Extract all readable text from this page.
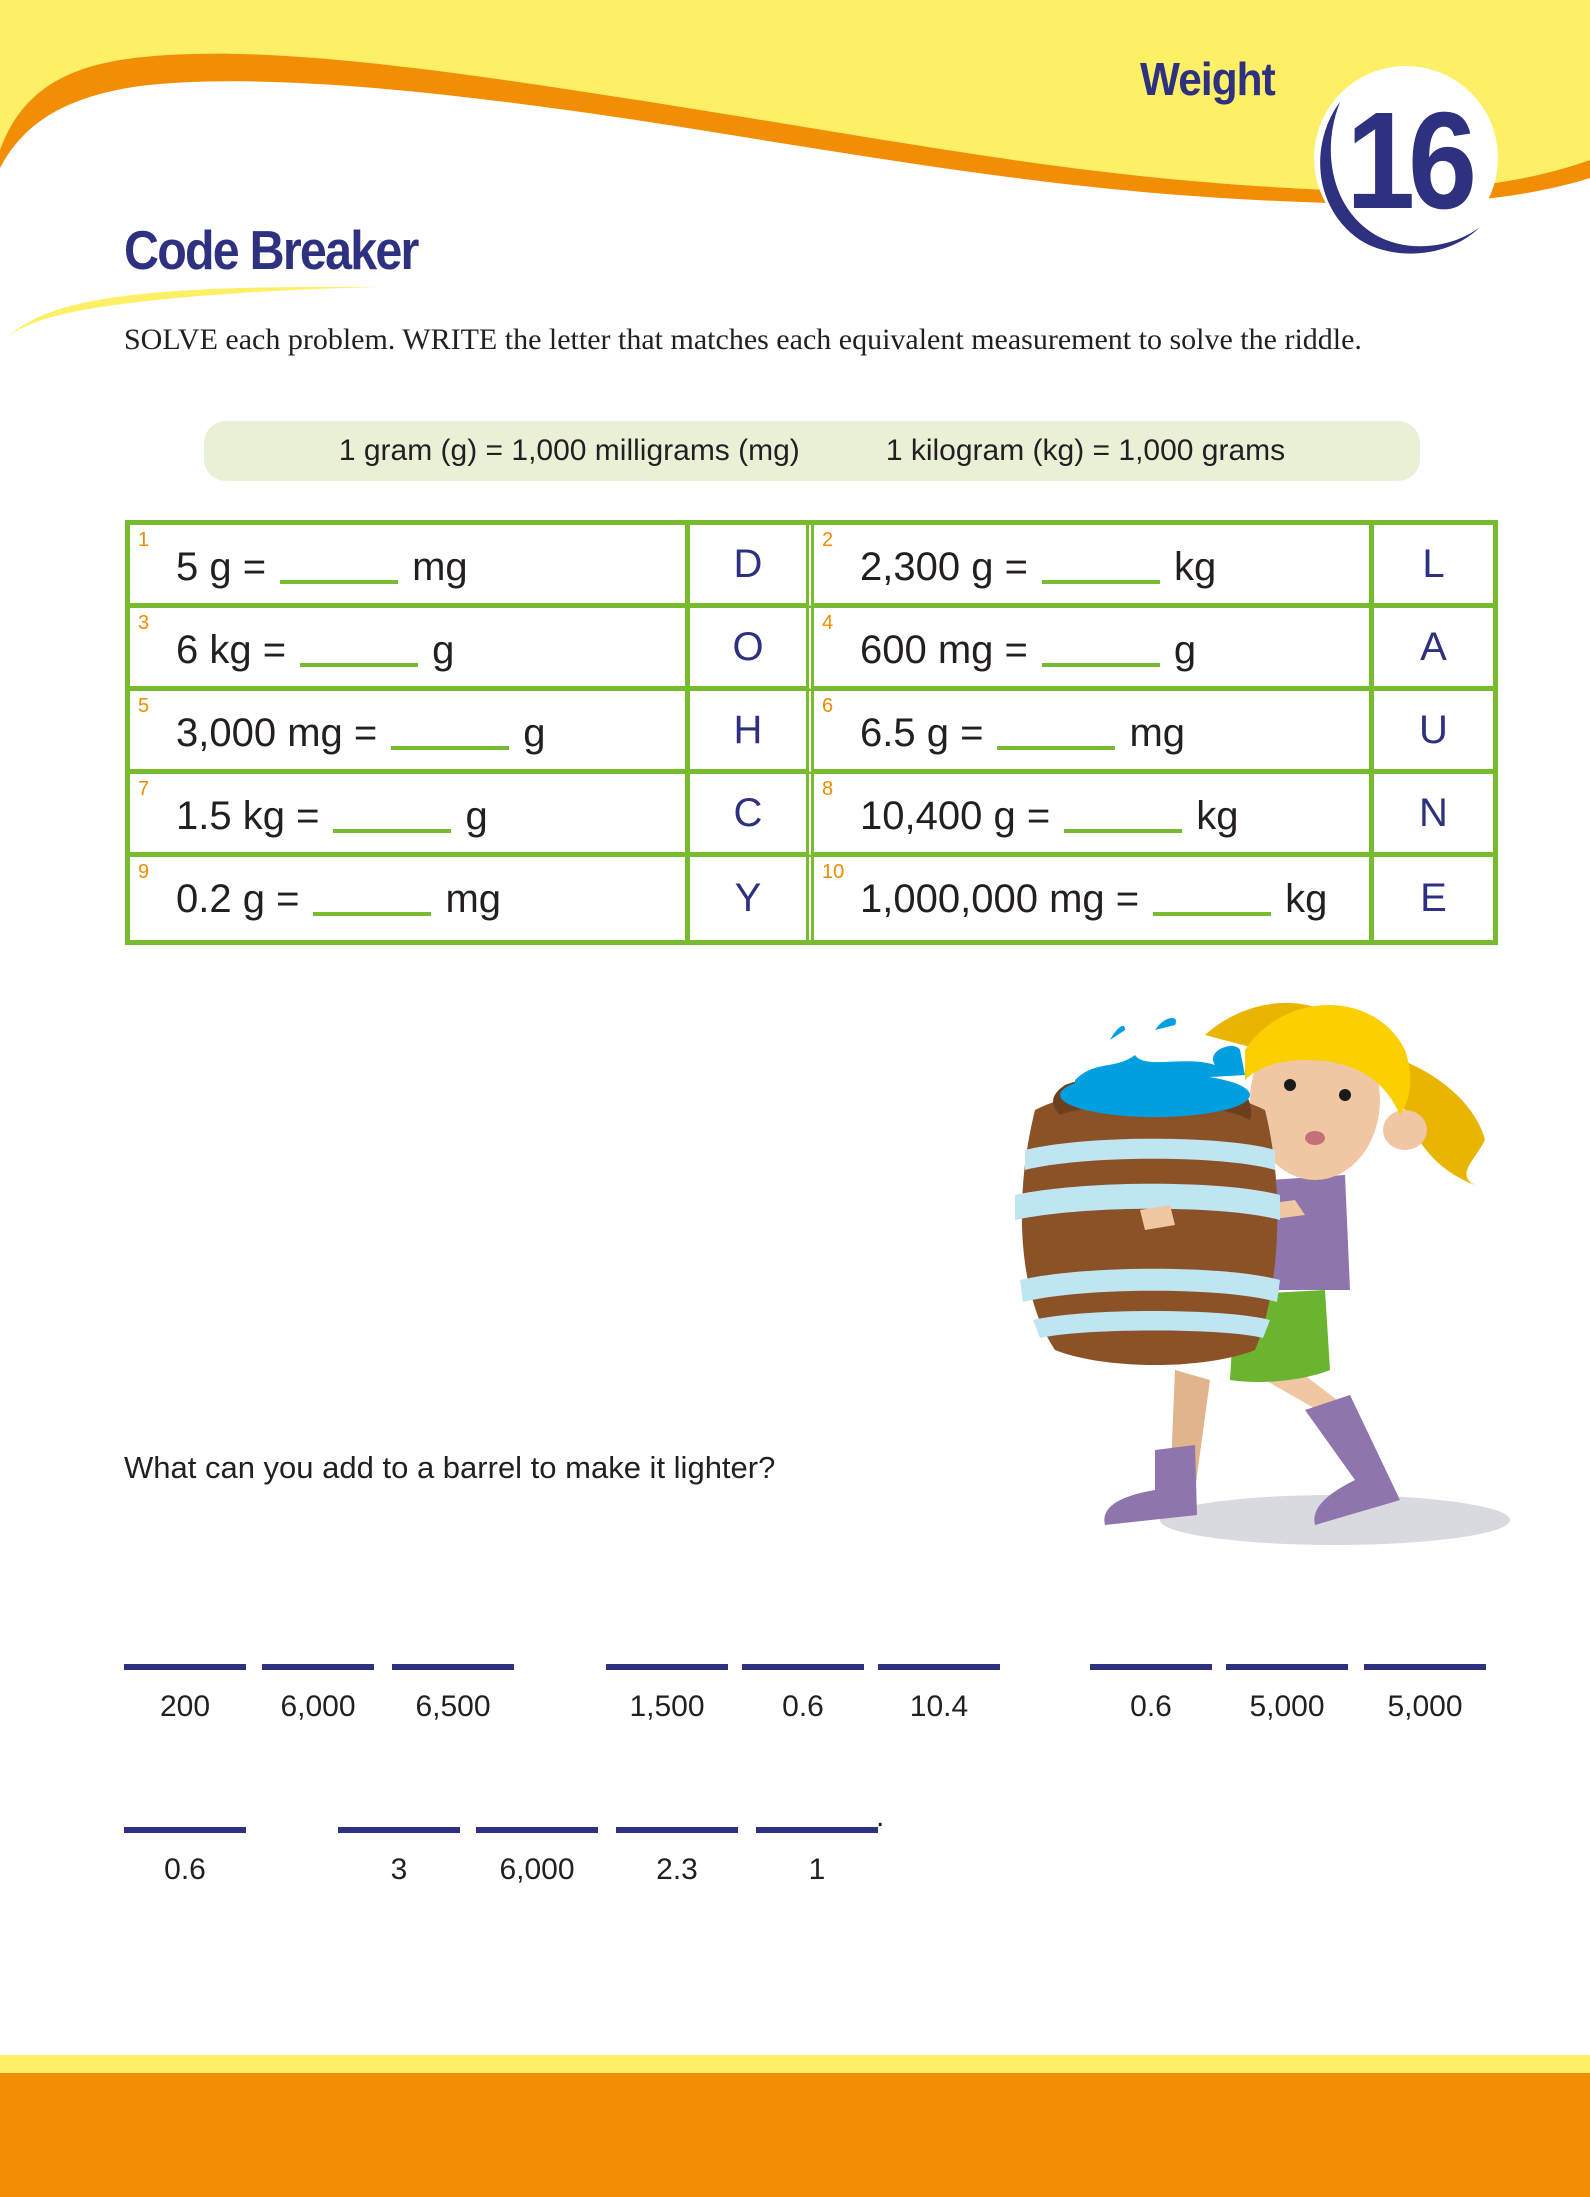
Weight
16
Code Breaker
SOLVE each problem. WRITE the letter that matches each equivalent measurement to solve the riddle.
1 gram (g) = 1,000 milligrams (mg)	1 kilogram (kg) = 1,000 grams
1
5 g =	mg	D
2
2,300 g =	kg	L
3
6 kg =	g	O
4
600 mg =	g	A
5
3,000 mg =	g	H
6
6.5 g =	mg	U
7
1.5 kg =	g	C
8
10,400 g =	kg	N
9
0.2 g =	mg	Y
10
1,000,000 mg =	kg	E
What can you add to a barrel to make it lighter?
200	6,000	6,500	1,500	0.6	10.4	0.6	5,000	5,000
0.6	3	6,000	2.3	1
.
